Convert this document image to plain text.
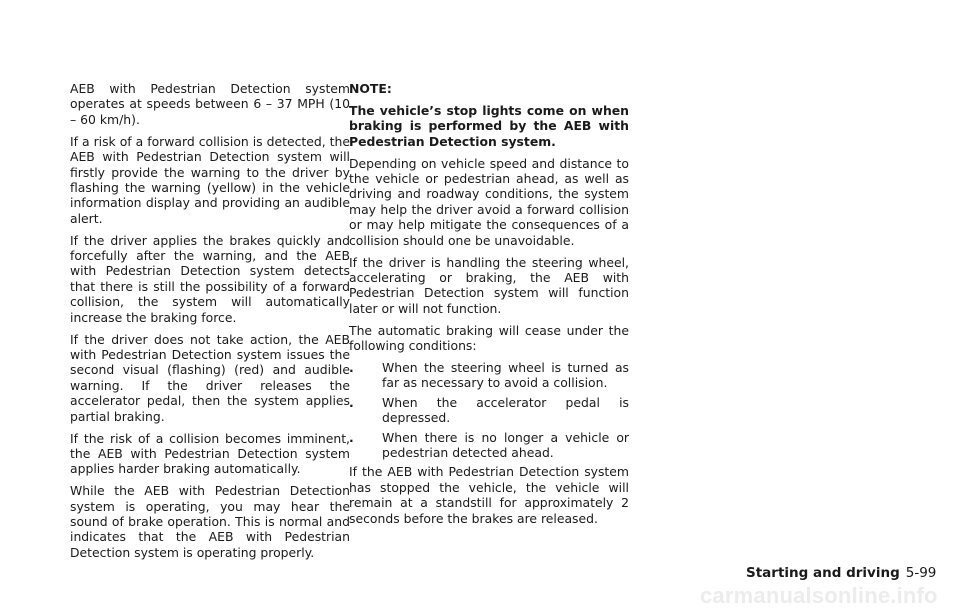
AEB with Pedestrian Detection system operates at speeds between 6 – 37 MPH (10 – 60 km/h).

If a risk of a forward collision is detected, the AEB with Pedestrian Detection system will firstly provide the warning to the driver by flashing the warning (yellow) in the vehicle information display and providing an audible alert.

If the driver applies the brakes quickly and forcefully after the warning, and the AEB with Pedestrian Detection system detects that there is still the possibility of a forward collision, the system will automatically increase the braking force.

If the driver does not take action, the AEB with Pedestrian Detection system issues the second visual (flashing) (red) and audible warning. If the driver releases the accelerator pedal, then the system applies partial braking.

If the risk of a collision becomes imminent, the AEB with Pedestrian Detection system applies harder braking automatically.

While the AEB with Pedestrian Detection system is operating, you may hear the sound of brake operation. This is normal and indicates that the AEB with Pedestrian Detection system is operating properly.

NOTE:

The vehicle’s stop lights come on when braking is performed by the AEB with Pedestrian Detection system.

Depending on vehicle speed and distance to the vehicle or pedestrian ahead, as well as driving and roadway conditions, the system may help the driver avoid a forward collision or may help mitigate the consequences of a collision should one be unavoidable.

If the driver is handling the steering wheel, accelerating or braking, the AEB with Pedestrian Detection system will function later or will not function.

The automatic braking will cease under the following conditions:

. When the steering wheel is turned as far as necessary to avoid a collision.
. When the accelerator pedal is depressed.
. When there is no longer a vehicle or pedestrian detected ahead.

If the AEB with Pedestrian Detection system has stopped the vehicle, the vehicle will remain at a standstill for approximately 2 seconds before the brakes are released.

Starting and driving 5-99
carmanualsonline.info
